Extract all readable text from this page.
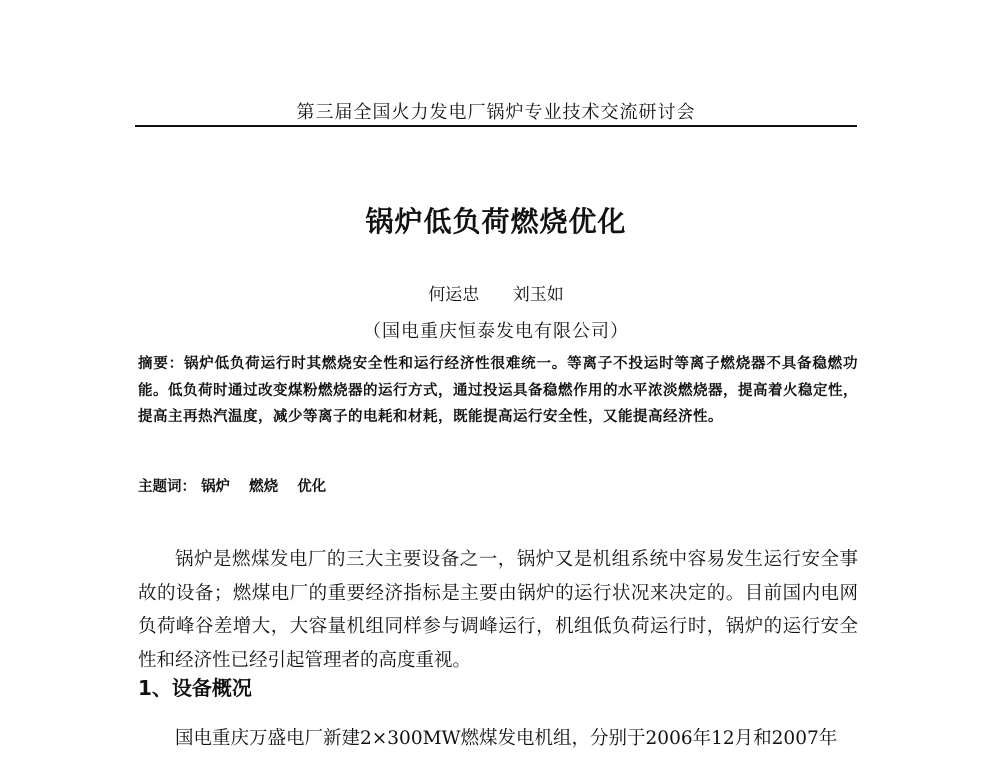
第三届全国火力发电厂锅炉专业技术交流研讨会
锅炉低负荷燃烧优化
何运忠 刘玉如
（国电重庆恒泰发电有限公司）
摘要：锅炉低负荷运行时其燃烧安全性和运行经济性很难统一。等离子不投运时等离子燃烧器不具备稳燃功能。低负荷时通过改变煤粉燃烧器的运行方式，通过投运具备稳燃作用的水平浓淡燃烧器，提高着火稳定性，提高主再热汽温度，减少等离子的电耗和材耗，既能提高运行安全性，又能提高经济性。
主题词： 锅炉 燃烧 优化

锅炉是燃煤发电厂的三大主要设备之一，锅炉又是机组系统中容易发生运行安全事故的设备；燃煤电厂的重要经济指标是主要由锅炉的运行状况来决定的。目前国内电网负荷峰谷差增大，大容量机组同样参与调峰运行，机组低负荷运行时，锅炉的运行安全性和经济性已经引起管理者的高度重视。

1、设备概况

国电重庆万盛电厂新建2×300MW燃煤发电机组，分别于2006年12月和2007年
